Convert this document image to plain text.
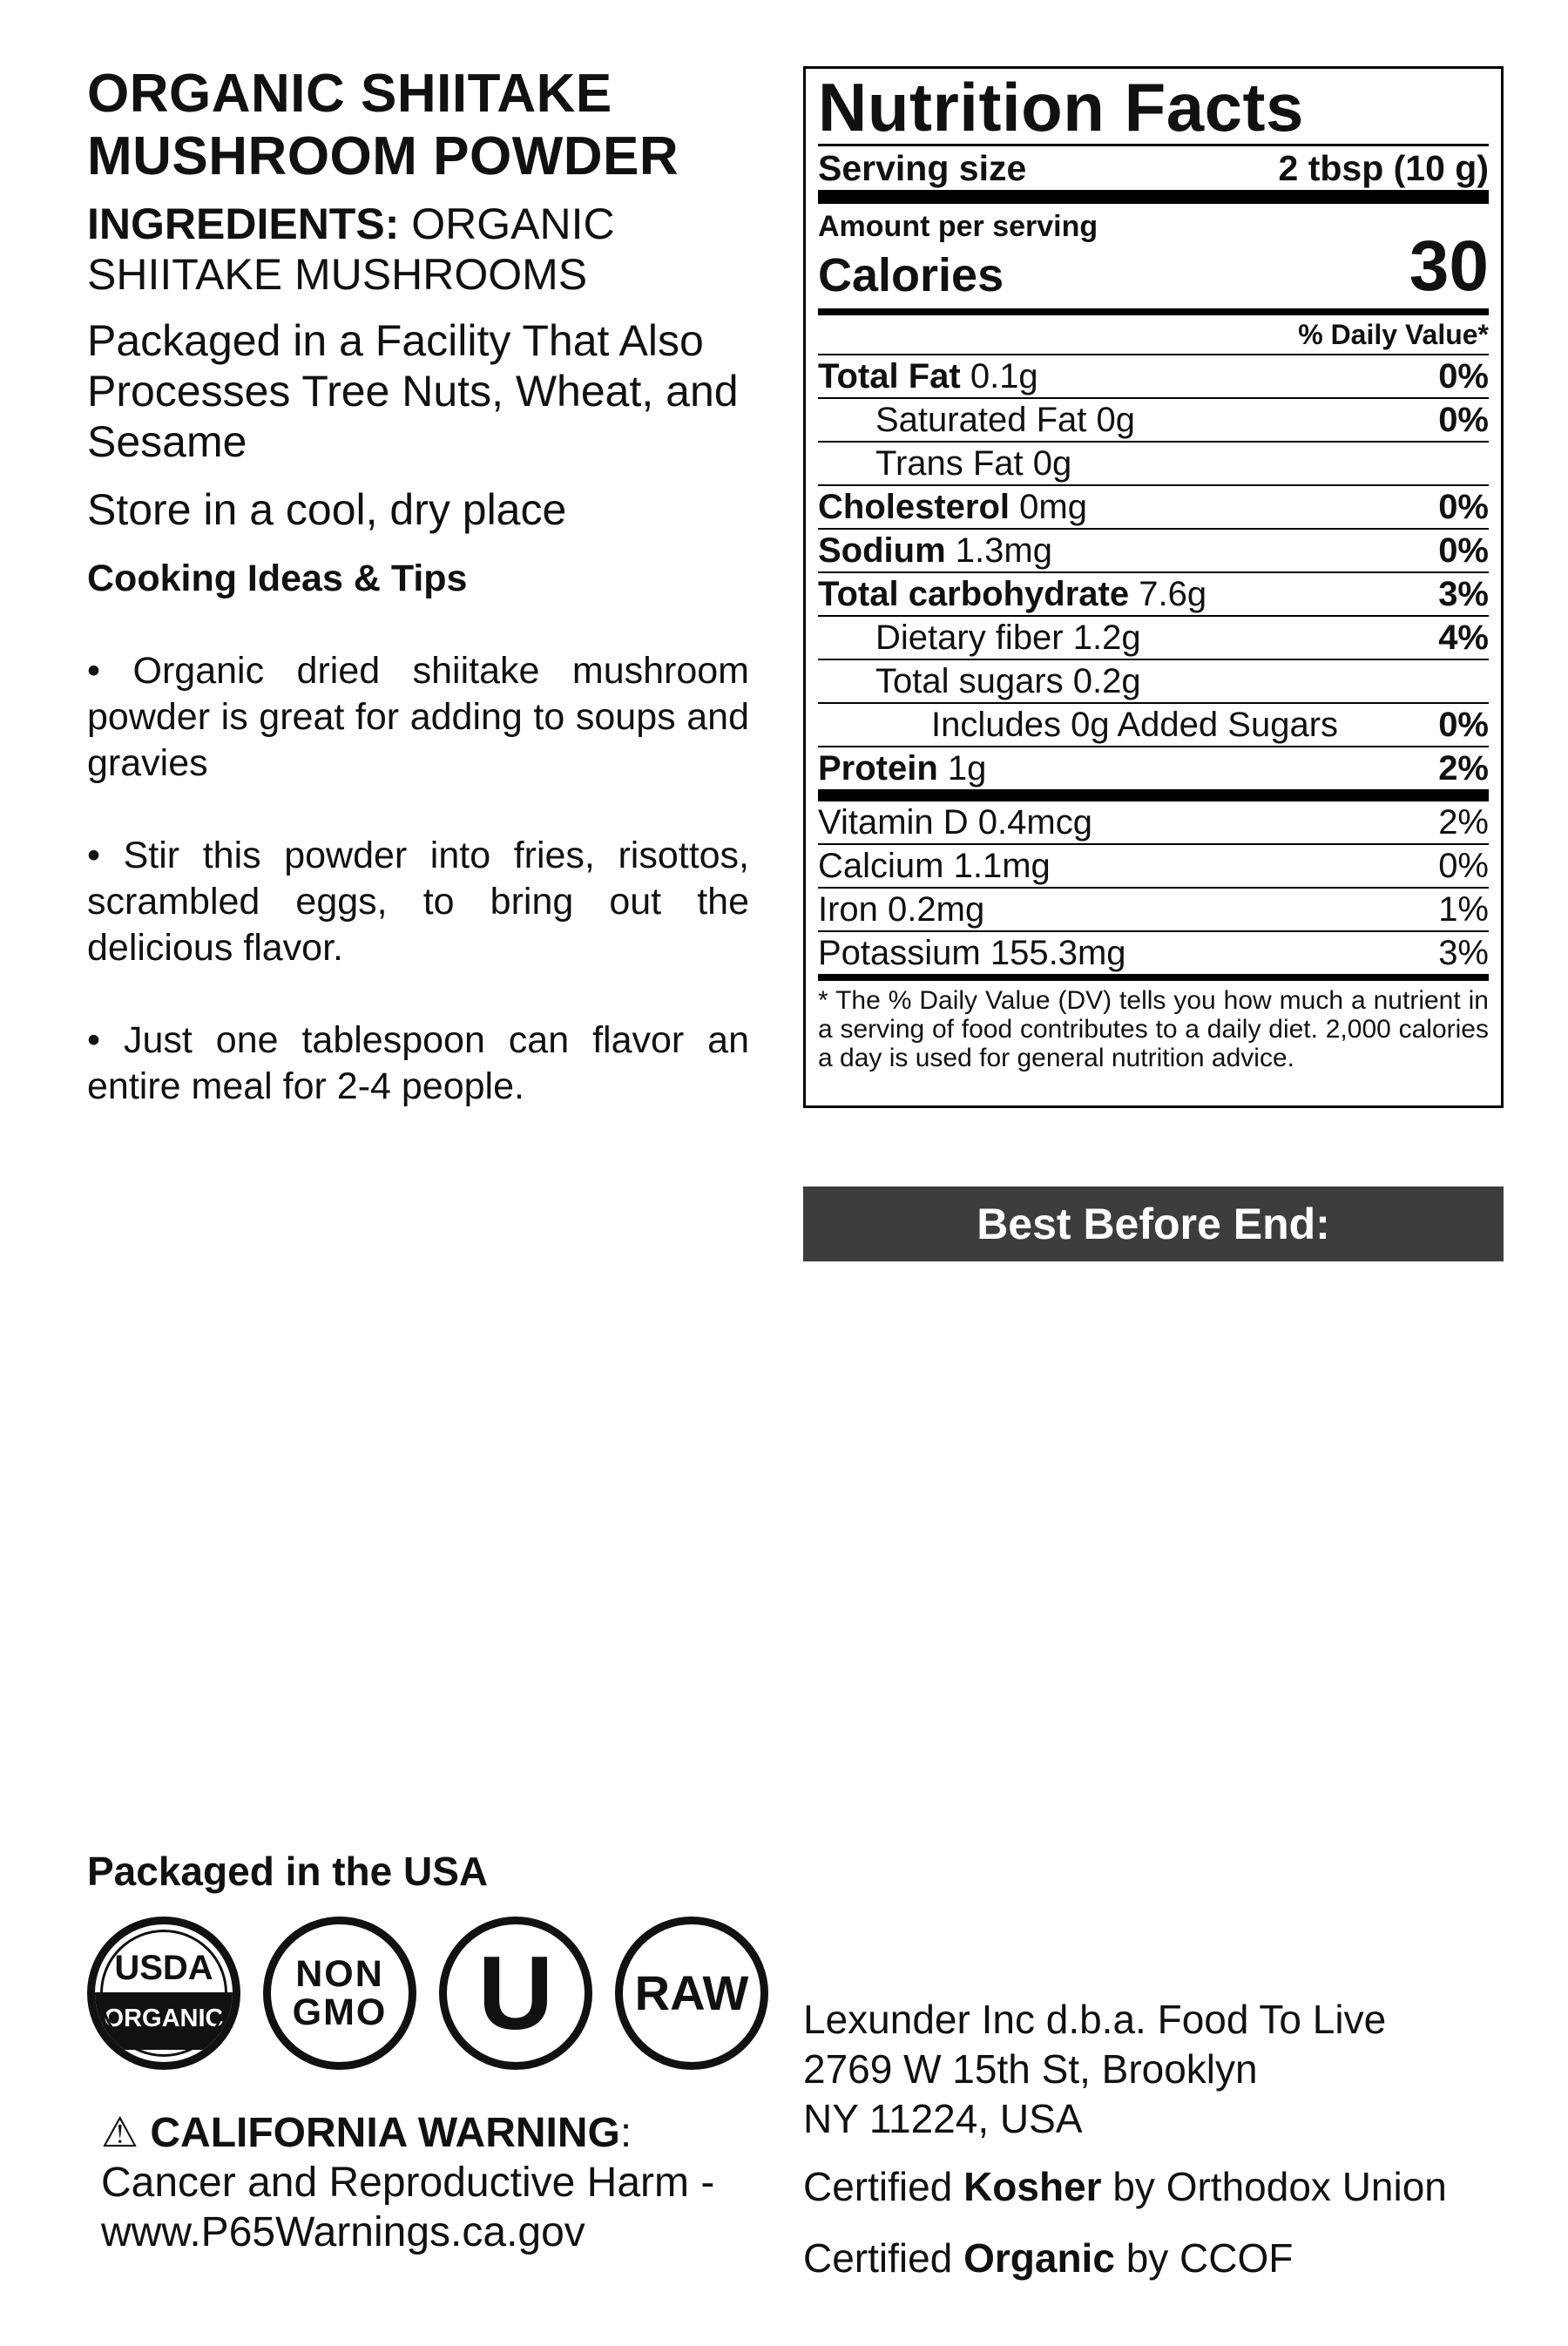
ORGANIC SHIITAKE
MUSHROOM POWDER
INGREDIENTS: ORGANIC SHIITAKE MUSHROOMS
Packaged in a Facility That Also Processes Tree Nuts, Wheat, and Sesame
Store in a cool, dry place
Cooking Ideas & Tips
• Organic dried shiitake mushroom powder is great for adding to soups and gravies
• Stir this powder into fries, risottos, scrambled eggs, to bring out the delicious flavor.
• Just one tablespoon can flavor an entire meal for 2-4 people.
Nutrition Facts
Serving size	2 tbsp (10 g)
Amount per serving
Calories	30
% Daily Value*
Total Fat 0.1g	0%
Saturated Fat 0g	0%
Trans Fat 0g
Cholesterol 0mg	0%
Sodium 1.3mg	0%
Total carbohydrate 7.6g	3%
Dietary fiber 1.2g	4%
Total sugars 0.2g
Includes 0g Added Sugars	0%
Protein 1g	2%
Vitamin D 0.4mcg	2%
Calcium 1.1mg	0%
Iron 0.2mg	1%
Potassium 155.3mg	3%
* The % Daily Value (DV) tells you how much a nutrient in a serving of food contributes to a daily diet. 2,000 calories a day is used for general nutrition advice.
Best Before End:
Packaged in the USA
USDA
ORGANIC
NON
GMO U RAW
⚠ CALIFORNIA WARNING:
Cancer and Reproductive Harm -
www.P65Warnings.ca.gov
Lexunder Inc d.b.a. Food To Live
2769 W 15th St, Brooklyn
NY 11224, USA
Certified Kosher by Orthodox Union
Certified Organic by CCOF
